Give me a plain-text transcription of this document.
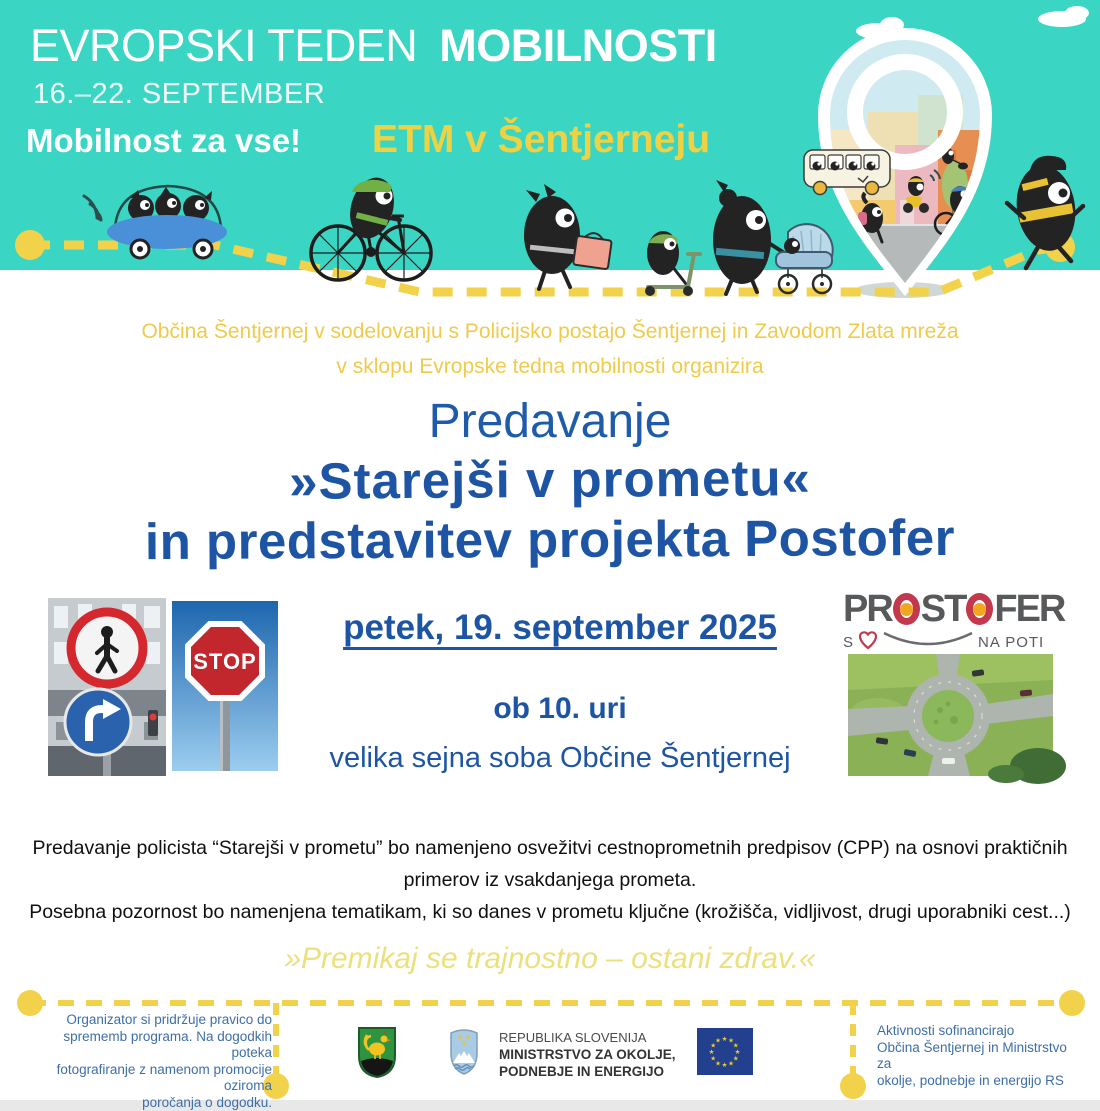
EVROPSKI TEDEN MOBILNOSTI
16.–22. SEPTEMBER
Mobilnost za vse! ETM v Šentjerneju
Občina Šentjernej v sodelovanju s Policijsko postajo Šentjernej in Zavodom Zlata mreža
v sklopu Evropske tedna mobilnosti organizira
Predavanje
»Starejši v prometu«
in predstavitev projekta Postofer
STOP
petek, 19. september 2025
ob 10. uri
velika sejna soba Občine Šentjernej
PR ST FER
S	NA POTI
Predavanje policista “Starejši v prometu” bo namenjeno osvežitvi cestnoprometnih predpisov (CPP) na osnovi praktičnih
primerov iz vsakdanjega prometa.
Posebna pozornost bo namenjena tematikam, ki so danes v prometu ključne (krožišča, vidljivost, drugi uporabniki cest...)
»Premikaj se trajnostno – ostani zdrav.«
Organizator si pridržuje pravico do
sprememb programa. Na dogodkih poteka
fotografiranje z namenom promocije oziroma
poročanja o dogodku.
REPUBLIKA SLOVENIJA
MINISTRSTVO ZA OKOLJE,
PODNEBJE IN ENERGIJO
★ ★
★
★
★
★
★
★
★
★
★
★
Aktivnosti sofinancirajo
Občina Šentjernej in Ministrstvo za
okolje, podnebje in energijo RS
